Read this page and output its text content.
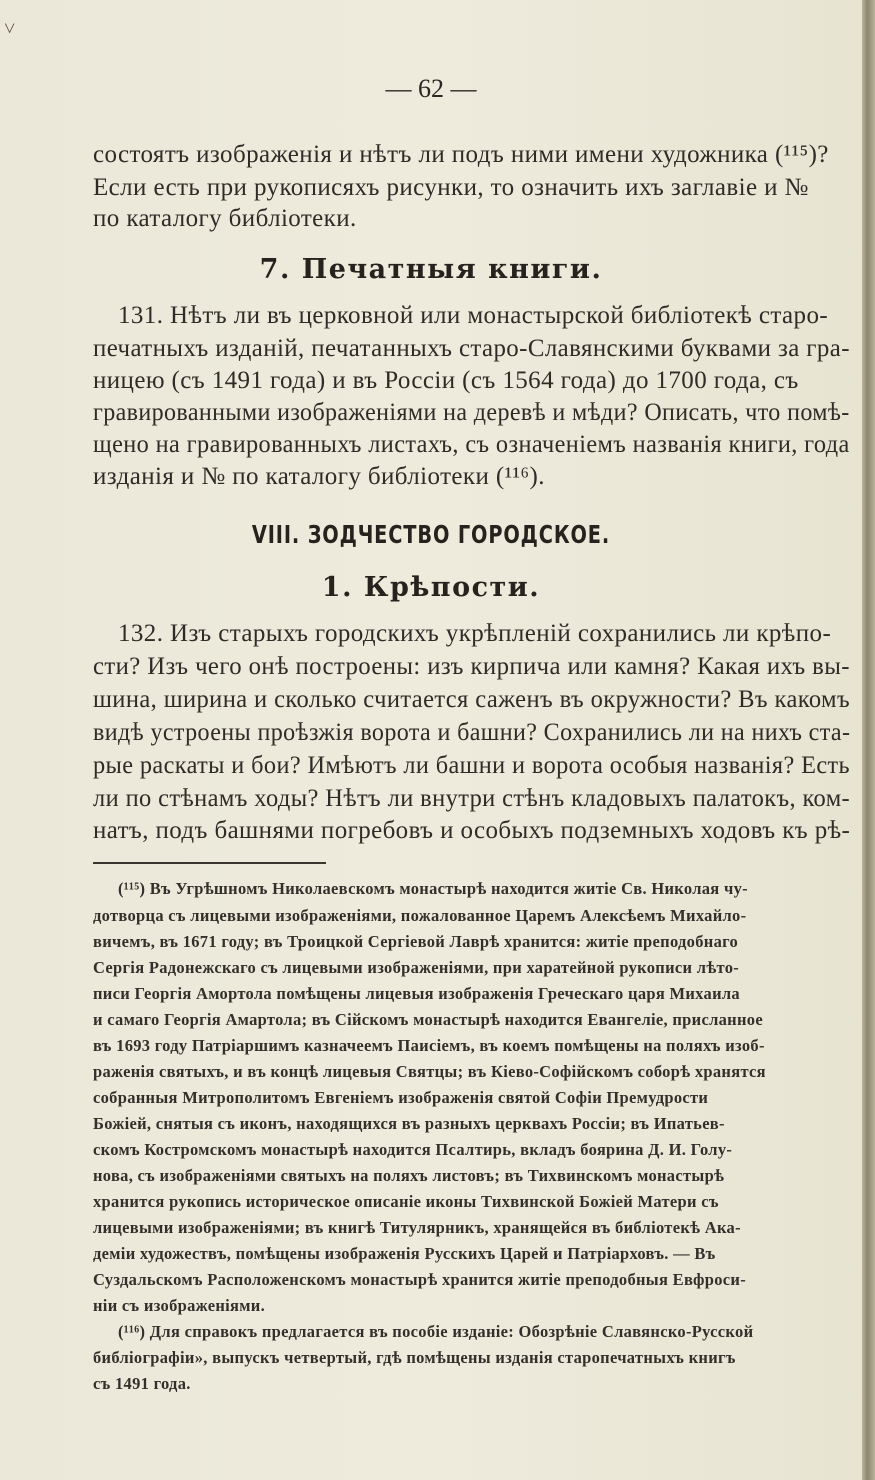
˅
— 62 —
состоятъ изображенія и нѣтъ ли подъ ними имени художника (¹¹⁵)?
Если есть при рукописяхъ рисунки, то означить ихъ заглавіе и №
по каталогу библіотеки.
7. Печатныя книги.
131. Нѣтъ ли въ церковной или монастырской библіотекѣ старо-
печатныхъ изданій, печатанныхъ старо-Славянскими буквами за гра-
ницею (съ 1491 года) и въ Россіи (съ 1564 года) до 1700 года, съ
гравированными изображеніями на деревѣ и мѣди? Описать, что помѣ-
щено на гравированныхъ листахъ, съ означеніемъ названія книги, года
изданія и № по каталогу библіотеки (¹¹⁶).
VIII. ЗОДЧЕСТВО ГОРОДСКОЕ.
1. Крѣпости.
132. Изъ старыхъ городскихъ укрѣпленій сохранились ли крѣпо-
сти? Изъ чего онѣ построены: изъ кирпича или камня? Какая ихъ вы-
шина, ширина и сколько считается саженъ въ окружности? Въ какомъ
видѣ устроены проѣзжія ворота и башни? Сохранились ли на нихъ ста-
рые раскаты и бои? Имѣютъ ли башни и ворота особыя названія? Есть
ли по стѣнамъ ходы? Нѣтъ ли внутри стѣнъ кладовыхъ палатокъ, ком-
натъ, подъ башнями погребовъ и особыхъ подземныхъ ходовъ къ рѣ-
(¹¹⁵) Въ Угрѣшномъ Николаевскомъ монастырѣ находится житіе Св. Николая чу-
дотворца съ лицевыми изображеніями, пожалованное Царемъ Алексѣемъ Михайло-
вичемъ, въ 1671 году; въ Троицкой Сергіевой Лаврѣ хранится: житіе преподобнаго
Сергія Радонежскаго съ лицевыми изображеніями, при харатейной рукописи лѣто-
писи Георгія Амортола помѣщены лицевыя изображенія Греческаго царя Михаила
и самаго Георгія Амартола; въ Сійскомъ монастырѣ находится Евангеліе, присланное
въ 1693 году Патріаршимъ казначеемъ Паисіемъ, въ коемъ помѣщены на поляхъ изоб-
раженія святыхъ, и въ концѣ лицевыя Святцы; въ Кіево-Софійскомъ соборѣ хранятся
собранныя Митрополитомъ Евгеніемъ изображенія святой Софіи Премудрости
Божіей, снятыя съ иконъ, находящихся въ разныхъ церквахъ Россіи; въ Ипатьев-
скомъ Костромскомъ монастырѣ находится Псалтирь, вкладъ боярина Д. И. Голу-
нова, съ изображеніями святыхъ на поляхъ листовъ; въ Тихвинскомъ монастырѣ
хранится рукопись историческое описаніе иконы Тихвинской Божіей Матери съ
лицевыми изображеніями; въ книгѣ Титулярникъ, хранящейся въ библіотекѣ Ака-
деміи художествъ, помѣщены изображенія Русскихъ Царей и Патріарховъ. — Въ
Суздальскомъ Расположенскомъ монастырѣ хранится житіе преподобныя Евфроси-
ніи съ изображеніями.
(¹¹⁶) Для справокъ предлагается въ пособіе изданіе: Обозрѣніе Славянско-Русской
библіографіи», выпускъ четвертый, гдѣ помѣщены изданія старопечатныхъ книгъ
съ 1491 года.
